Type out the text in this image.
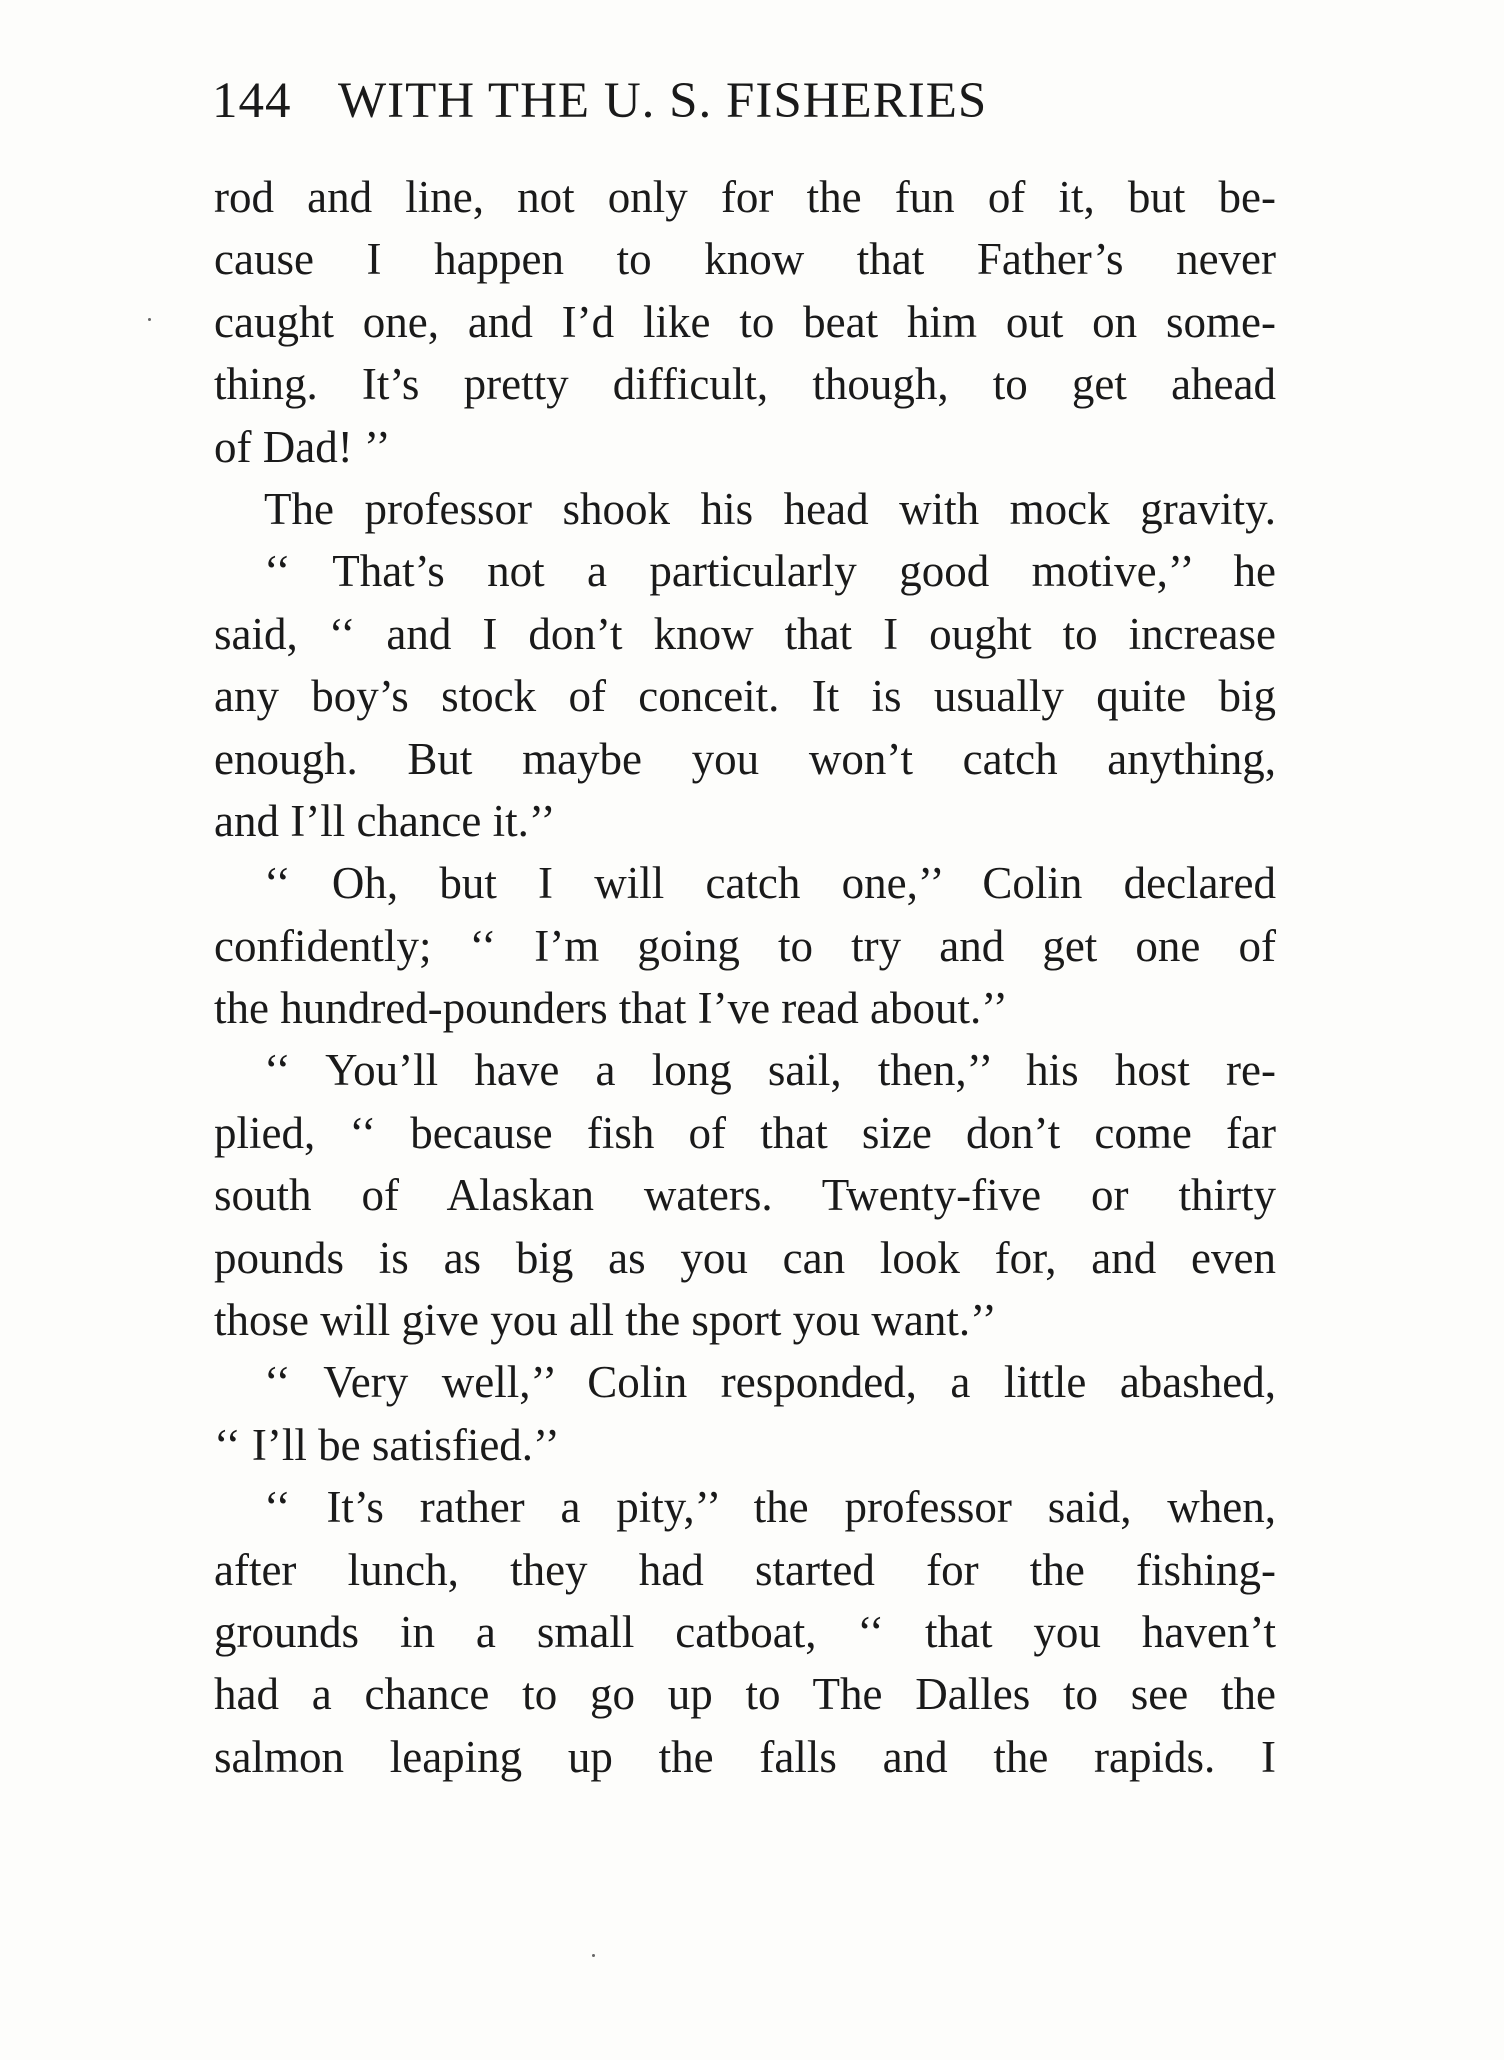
144 WITH THE U. S. FISHERIES
rod and line, not only for the fun of it, but be-
cause I happen to know that Father’s never
caught one, and I’d like to beat him out on some-
thing. It’s pretty difficult, though, to get ahead
of Dad! ’’
The professor shook his head with mock gravity.
‘‘ That’s not a particularly good motive,’’ he
said, ‘‘ and I don’t know that I ought to increase
any boy’s stock of conceit. It is usually quite big
enough. But maybe you won’t catch anything,
and I’ll chance it.’’
‘‘ Oh, but I will catch one,’’ Colin declared
confidently; ‘‘ I’m going to try and get one of
the hundred-pounders that I’ve read about.’’
‘‘ You’ll have a long sail, then,’’ his host re-
plied, ‘‘ because fish of that size don’t come far
south of Alaskan waters. Twenty-five or thirty
pounds is as big as you can look for, and even
those will give you all the sport you want.’’
‘‘ Very well,’’ Colin responded, a little abashed,
‘‘ I’ll be satisfied.’’
‘‘ It’s rather a pity,’’ the professor said, when,
after lunch, they had started for the fishing-
grounds in a small catboat, ‘‘ that you haven’t
had a chance to go up to The Dalles to see the
salmon leaping up the falls and the rapids. I
